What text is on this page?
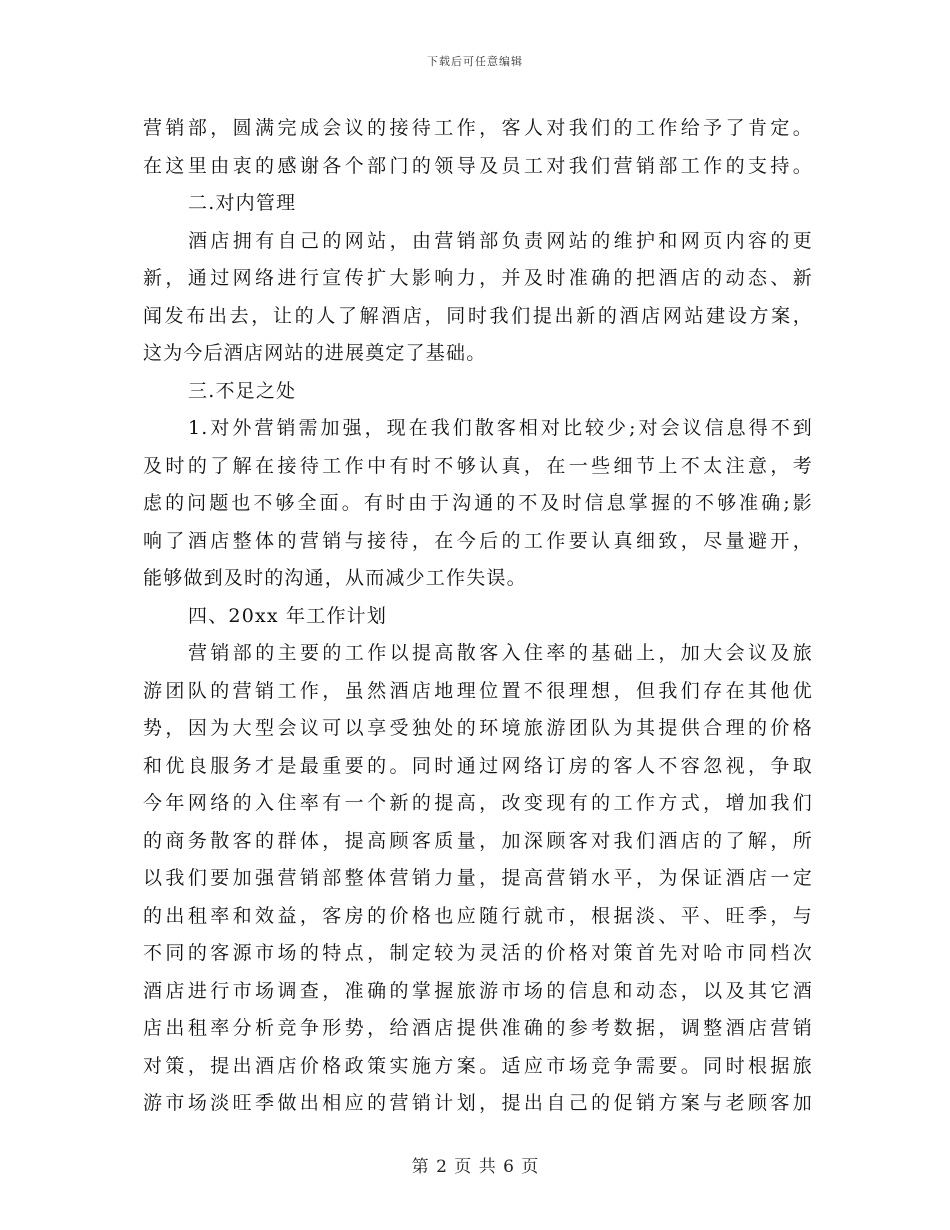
下载后可任意编辑
营销部，圆满完成会议的接待工作，客人对我们的工作给予了肯定。
在这里由衷的感谢各个部门的领导及员工对我们营销部工作的支持。
二.对内管理
酒店拥有自己的网站，由营销部负责网站的维护和网页内容的更
新，通过网络进行宣传扩大影响力，并及时准确的把酒店的动态、新
闻发布出去，让的人了解酒店，同时我们提出新的酒店网站建设方案，
这为今后酒店网站的进展奠定了基础。
三.不足之处
1.对外营销需加强，现在我们散客相对比较少;对会议信息得不到
及时的了解在接待工作中有时不够认真，在一些细节上不太注意，考
虑的问题也不够全面。有时由于沟通的不及时信息掌握的不够准确;影
响了酒店整体的营销与接待，在今后的工作要认真细致，尽量避开，
能够做到及时的沟通，从而减少工作失误。
四、20xx 年工作计划
营销部的主要的工作以提高散客入住率的基础上，加大会议及旅
游团队的营销工作，虽然酒店地理位置不很理想，但我们存在其他优
势，因为大型会议可以享受独处的环境旅游团队为其提供合理的价格
和优良服务才是最重要的。同时通过网络订房的客人不容忽视，争取
今年网络的入住率有一个新的提高，改变现有的工作方式，增加我们
的商务散客的群体，提高顾客质量，加深顾客对我们酒店的了解，所
以我们要加强营销部整体营销力量，提高营销水平，为保证酒店一定
的出租率和效益，客房的价格也应随行就市，根据淡、平、旺季，与
不同的客源市场的特点，制定较为灵活的价格对策首先对哈市同档次
酒店进行市场调查，准确的掌握旅游市场的信息和动态，以及其它酒
店出租率分析竞争形势，给酒店提供准确的参考数据，调整酒店营销
对策，提出酒店价格政策实施方案。适应市场竞争需要。同时根据旅
游市场淡旺季做出相应的营销计划，提出自己的促销方案与老顾客加
第 2 页 共 6 页
